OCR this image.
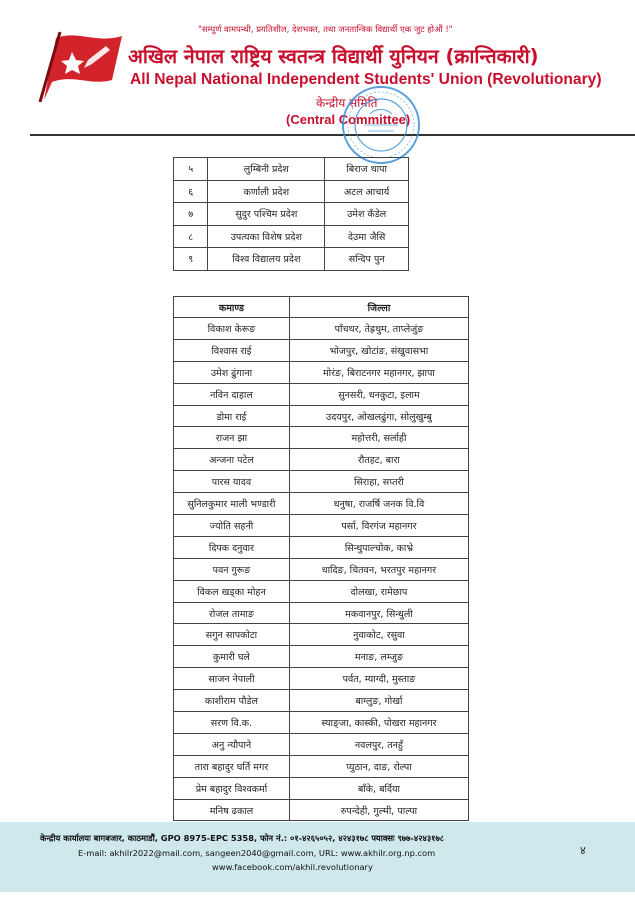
"सम्पूर्ण वामपन्थी, प्रगतिशील, देशभक्त, तथा जनतान्त्रिक विद्यार्थी एक जुट होऔं !"
अखिल नेपाल राष्ट्रिय स्वतन्त्र विद्यार्थी युनियन (क्रान्तिकारी)
All Nepal National Independent Students' Union (Revolutionary)
केन्द्रीय समिति
(Central Committee)
५	लुम्बिनी प्रदेश	बिराज थापा
६	कर्णाली प्रदेश	अटल आचार्य
७	सुदुर पश्चिम प्रदेश	उमेश कँडेल
८	उपत्यका विशेष प्रदेश	देउमा जैसि
९	विश्व विद्यालय प्रदेश	सन्दिप पुन
कमाण्ड	जिल्ला
विकाश केरूङ	पाँचथर, तेह्रथुम, ताप्लेजुंङ
विश्वास राई	भोजपुर, खोटांङ, संखुवासभा
उमेश ढुंगाना	मोरंङ, बिराटनगर महानगर, झापा
नविन दाहाल	सुनसरी, धनकुटा, इलाम
डोमा राई	उदयपुर, ओखलढुंगा, सोलुखुम्बु
राजन झा	महोत्तरी, सर्लाही
अन्जना पटेल	रौतहट, बारा
पारस यादव	सिराहा, सप्तरी
सुनिलकुमार माली भण्डारी	धनुषा, राजर्षि जनक वि.वि
ज्योति सहनी	पर्सा, विरगंज महानगर
दिपक दनुवार	सिन्धुपाल्चोक, काभ्रे
पवन गुरूङ	धादिङ, चितवन, भरतपुर महानगर
विकल खड्का मोहन	दोलखा, रामेछाप
रोजल तामाङ	मकवानपुर, सिन्धुली
सगुन सापकोटा	नुवाकोट, रसुवा
कुमारी घले	मनाङ, लम्जुङ
साजन नेपाली	पर्वत, म्याग्दी, मुस्ताङ
काशीराम पौडेल	बाग्लुङ, गोर्खा
सरण वि.क.	स्याङ्जा, कास्की, पोखरा महानगर
अनु न्यौपाने	नवलपुर, तनहुँ
तारा बहादुर घर्ति मगर	प्युठान, दाङ, रोल्पा
प्रेम बहादुर विश्वकर्मा	बाँके, बर्दिया
मनिष ढकाल	रुपन्देही, गुल्मी, पाल्पा
केन्द्रीय कार्यालयः बागबजार, काठमाडौं, GPO 8975-EPC 5358, फोन नं.: ०१-४२६५०५२, ४२४३१७८ फ्याक्सः ९७७-४२४३१७८
E-mail: akhilr2022@mail.com, sangeen2040@gmail.com, URL: www.akhilr.org.np.com
www.facebook.com/akhil.revolutionary
४
